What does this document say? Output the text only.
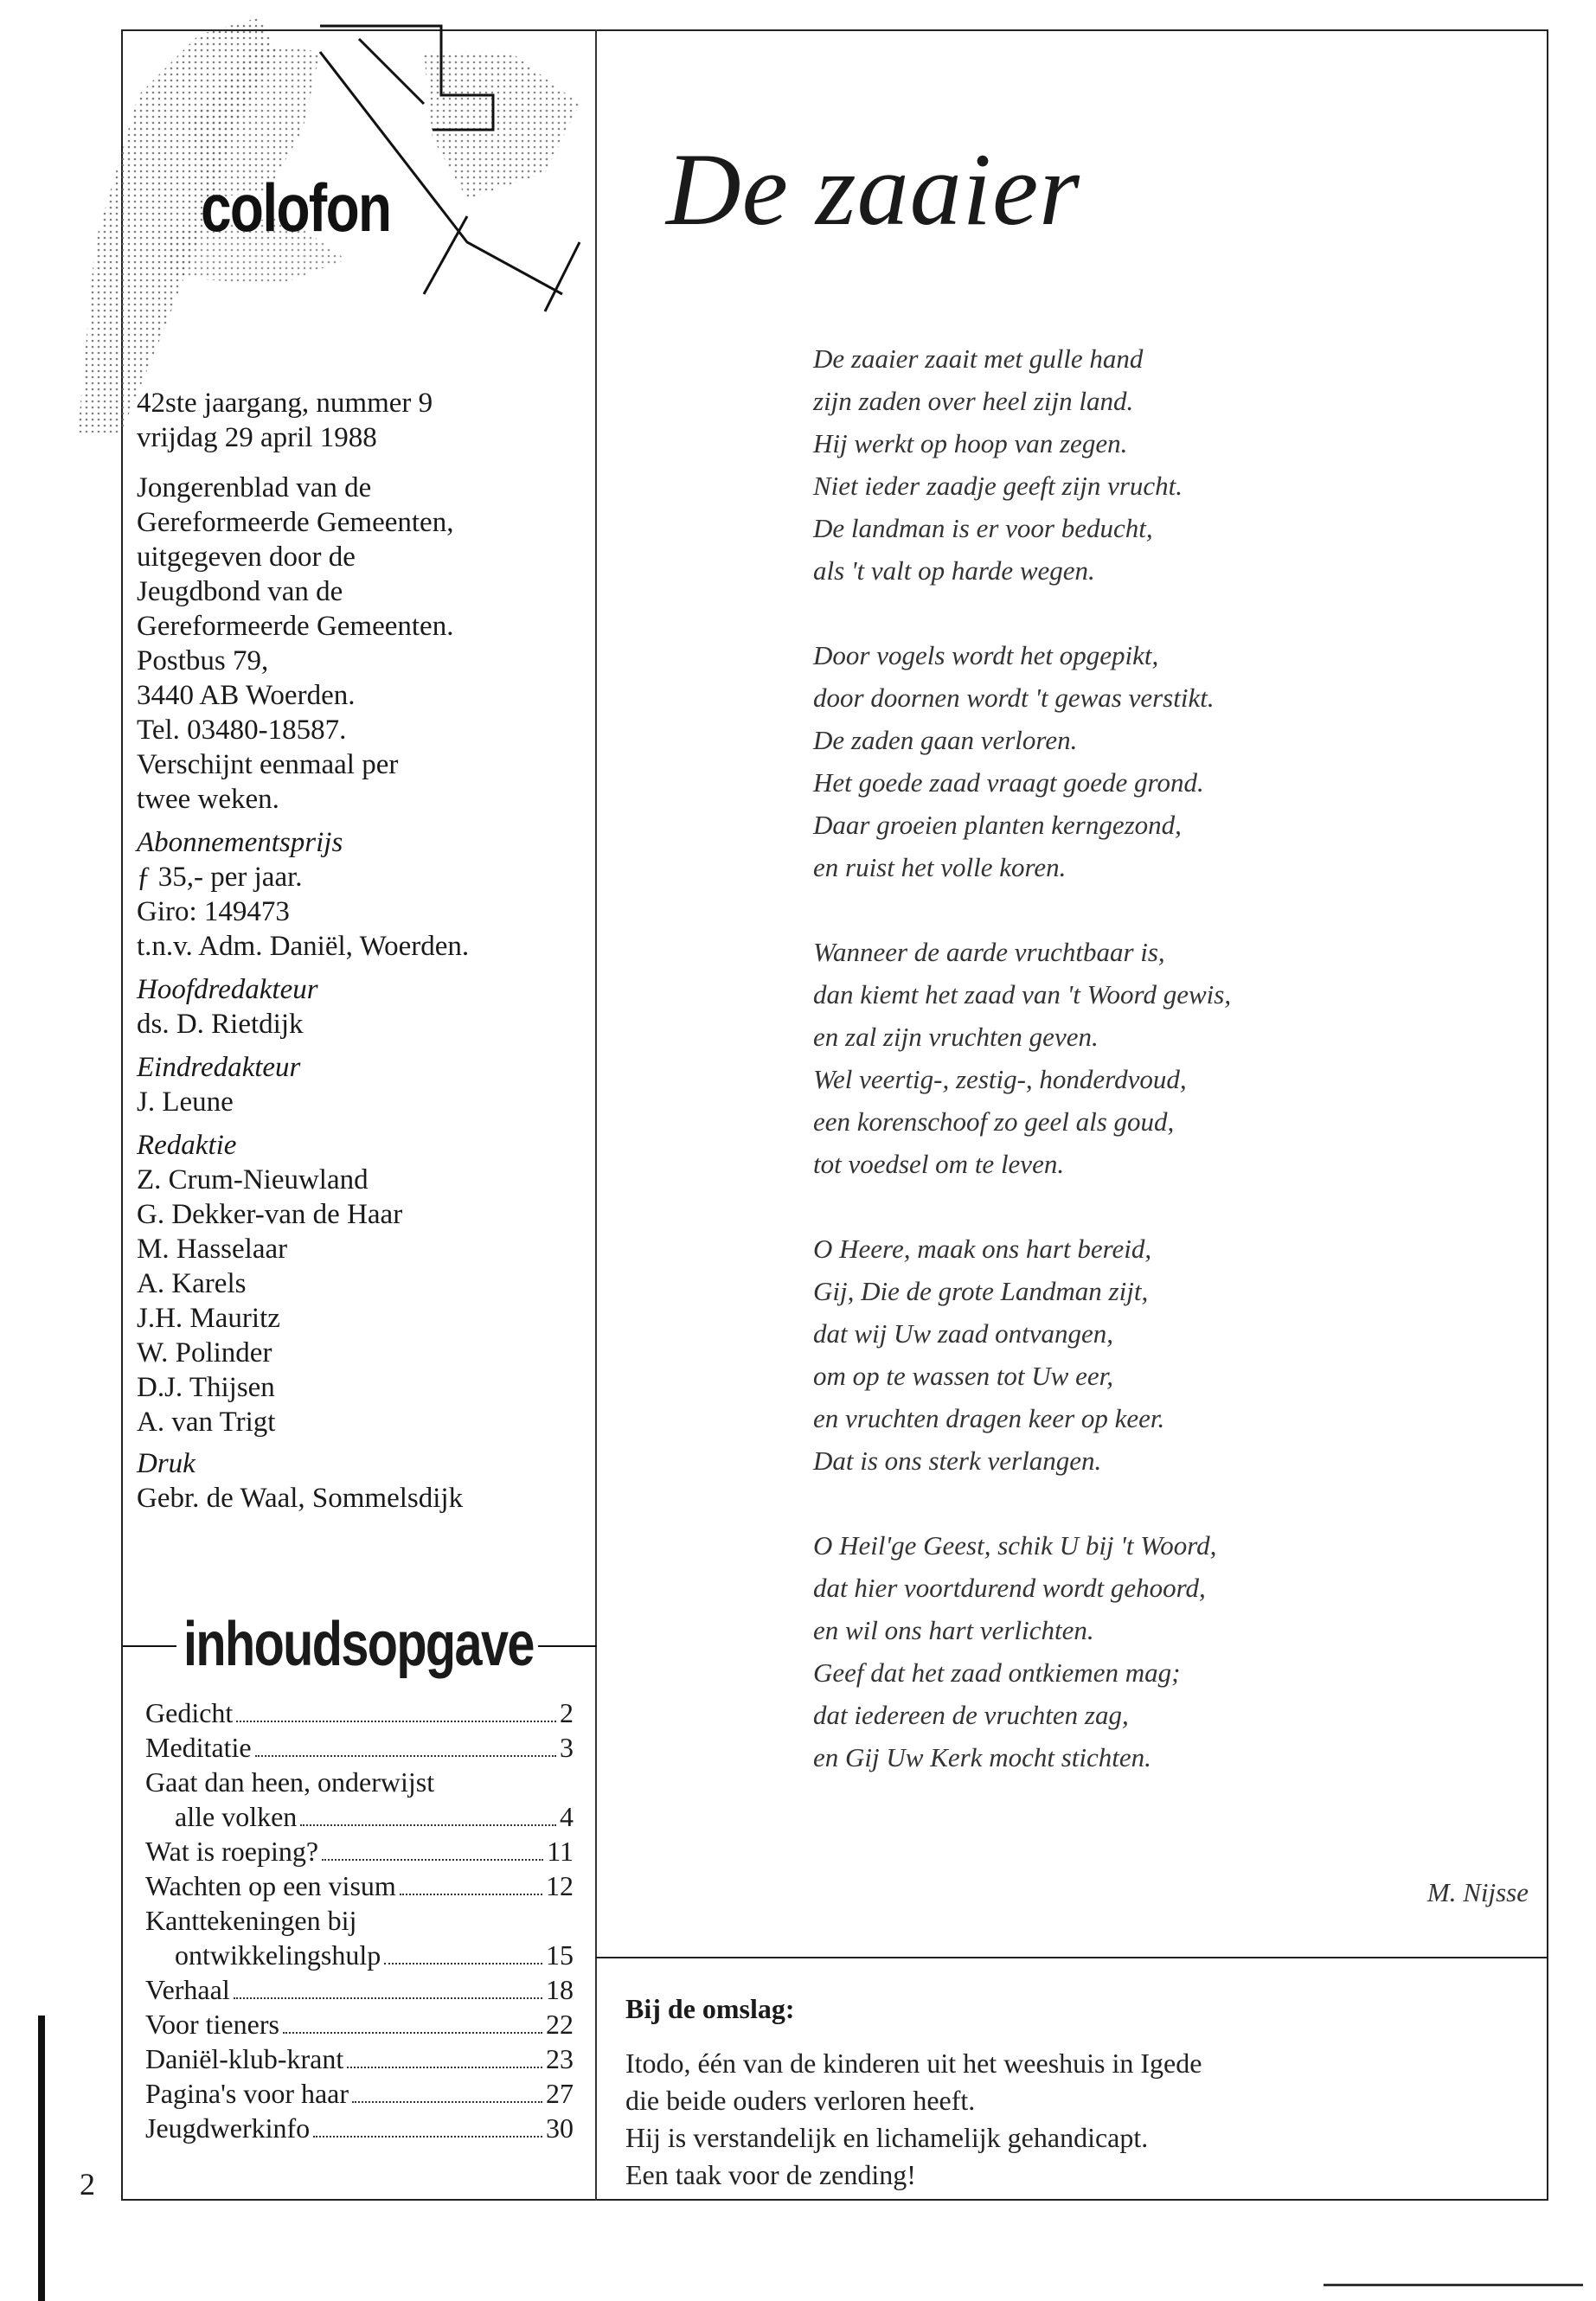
2
colofon
42ste jaargang, nummer 9
vrijdag 29 april 1988
Jongerenblad van de
Gereformeerde Gemeenten,
uitgegeven door de
Jeugdbond van de
Gereformeerde Gemeenten.
Postbus 79,
3440 AB Woerden.
Tel. 03480-18587.
Verschijnt eenmaal per
twee weken.
Abonnementsprijs
ƒ 35,- per jaar.
Giro: 149473
t.n.v. Adm. Daniël, Woerden.
Hoofdredakteur
ds. D. Rietdijk
Eindredakteur
J. Leune
Redaktie
Z. Crum-Nieuwland
G. Dekker-van de Haar
M. Hasselaar
A. Karels
J.H. Mauritz
W. Polinder
D.J. Thijsen
A. van Trigt
Druk
Gebr. de Waal, Sommelsdijk
inhoudsopgave
Gedicht	2
Meditatie	3
Gaat dan heen, onderwijst
alle volken	4
Wat is roeping?	11
Wachten op een visum	12
Kanttekeningen bij
ontwikkelingshulp	15
Verhaal	18
Voor tieners	22
Daniël-klub-krant	23
Pagina's voor haar	27
Jeugdwerkinfo	30
De zaaier
De zaaier zaait met gulle hand
zijn zaden over heel zijn land.
Hij werkt op hoop van zegen.
Niet ieder zaadje geeft zijn vrucht.
De landman is er voor beducht,
als 't valt op harde wegen.
Door vogels wordt het opgepikt,
door doornen wordt 't gewas verstikt.
De zaden gaan verloren.
Het goede zaad vraagt goede grond.
Daar groeien planten kerngezond,
en ruist het volle koren.
Wanneer de aarde vruchtbaar is,
dan kiemt het zaad van 't Woord gewis,
en zal zijn vruchten geven.
Wel veertig-, zestig-, honderdvoud,
een korenschoof zo geel als goud,
tot voedsel om te leven.
O Heere, maak ons hart bereid,
Gij, Die de grote Landman zijt,
dat wij Uw zaad ontvangen,
om op te wassen tot Uw eer,
en vruchten dragen keer op keer.
Dat is ons sterk verlangen.
O Heil'ge Geest, schik U bij 't Woord,
dat hier voortdurend wordt gehoord,
en wil ons hart verlichten.
Geef dat het zaad ontkiemen mag;
dat iedereen de vruchten zag,
en Gij Uw Kerk mocht stichten.
M. Nijsse
Bij de omslag:
Itodo, één van de kinderen uit het weeshuis in Igede
die beide ouders verloren heeft.
Hij is verstandelijk en lichamelijk gehandicapt.
Een taak voor de zending!
